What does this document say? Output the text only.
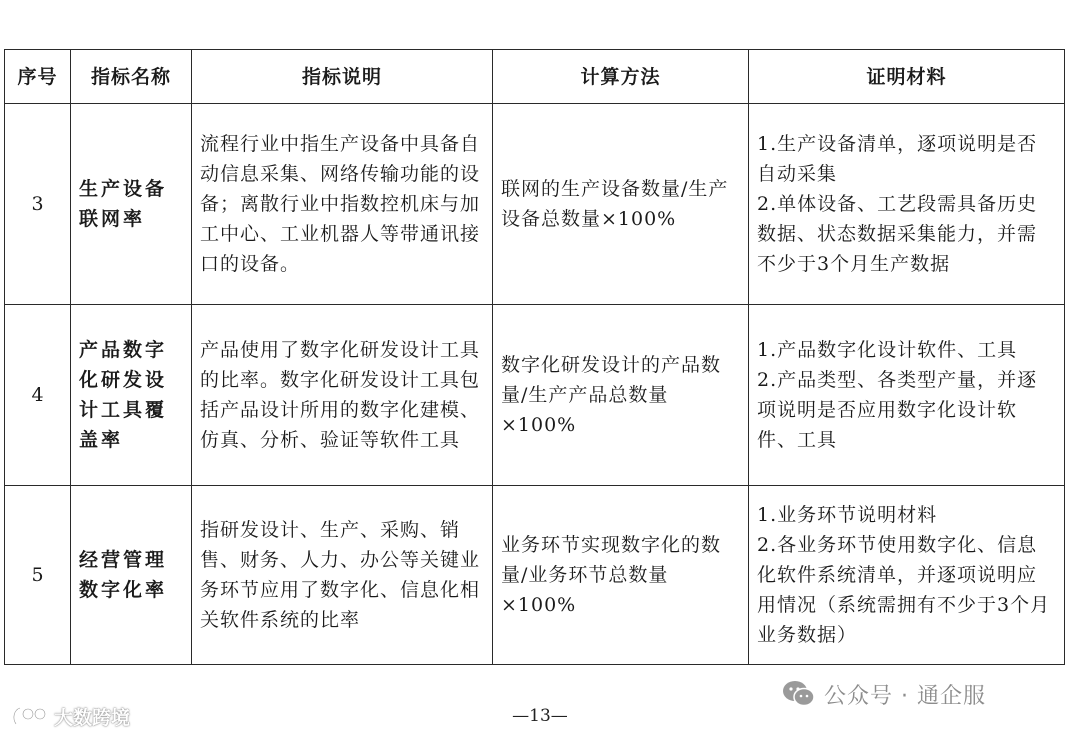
序号	指标名称	指标说明	计算方法	证明材料
3	生产设备联网率	流程行业中指生产设备中具备自动信息采集、网络传输功能的设备；离散行业中指数控机床与加工中心、工业机器人等带通讯接口的设备。	联网的生产设备数量/生产设备总数量×100%	1.生产设备清单，逐项说明是否自动采集
2.单体设备、工艺段需具备历史数据、状态数据采集能力，并需不少于3个月生产数据

4	产品数字化研发设计工具覆盖率	产品使用了数字化研发设计工具的比率。数字化研发设计工具包括产品设计所用的数字化建模、仿真、分析、验证等软件工具	数字化研发设计的产品数量/生产产品总数量×100%	1.产品数字化设计软件、工具
2.产品类型、各类型产量，并逐项说明是否应用数字化设计软件、工具

5	经营管理数字化率	指研发设计、生产、采购、销售、财务、人力、办公等关键业务环节应用了数字化、信息化相关软件系统的比率	业务环节实现数字化的数量/业务环节总数量×100%	1.业务环节说明材料
2.各业务环节使用数字化、信息化软件系统清单，并逐项说明应用情况（系统需拥有不少于3个月业务数据）
公众号 · 通企服
大数跨境	—13—
